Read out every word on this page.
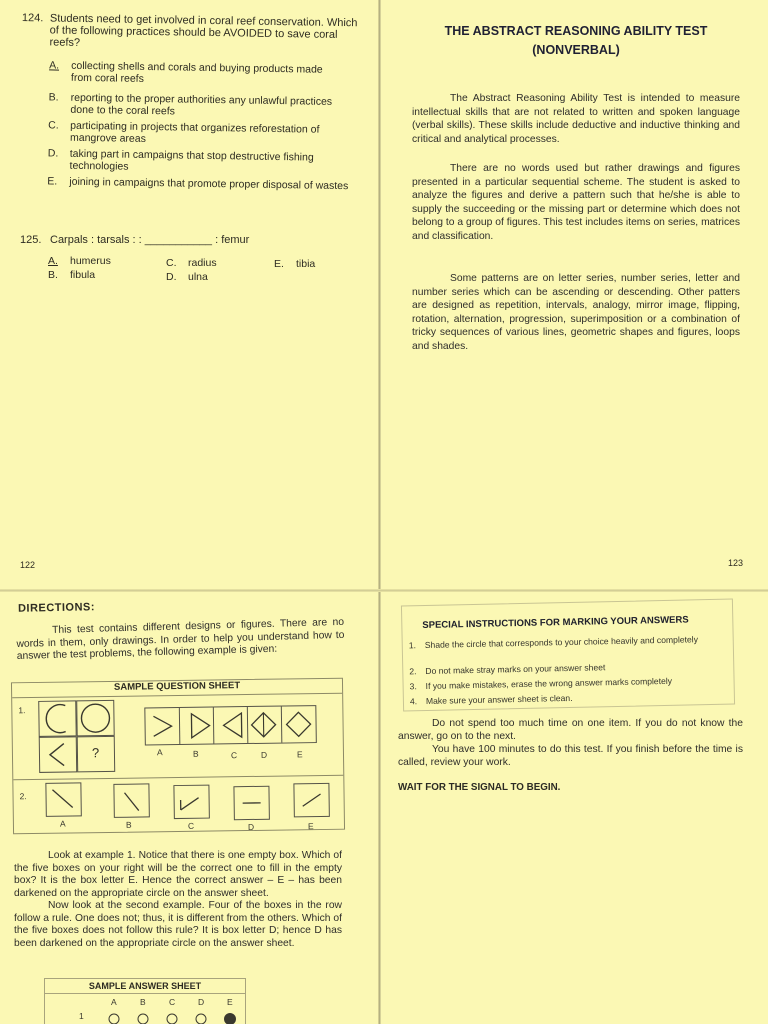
124. Students need to get involved in coral reef conservation. Which of the following practices should be AVOIDED to save coral reefs?
A. collecting shells and corals and buying products made from coral reefs
B. reporting to the proper authorities any unlawful practices done to the coral reefs
C. participating in projects that organizes reforestation of mangrove areas
D. taking part in campaigns that stop destructive fishing technologies
E. joining in campaigns that promote proper disposal of wastes
125. Carpals : tarsals : : ___________ : femur
A. humerus
B. fibula
C. radius
D. ulna
E. tibia
122
THE ABSTRACT REASONING ABILITY TEST
(NONVERBAL)

The Abstract Reasoning Ability Test is intended to measure intellectual skills that are not related to written and spoken language (verbal skills). These skills include deductive and inductive thinking and critical and analytical processes.

There are no words used but rather drawings and figures presented in a particular sequential scheme. The student is asked to analyze the figures and derive a pattern such that he/she is able to supply the succeeding or the missing part or determine which does not belong to a group of figures. This test includes items on series, matrices and classification.

Some patterns are on letter series, number series, letter and number series which can be ascending or descending. Other patters are designed as repetition, intervals, analogy, mirror image, flipping, rotation, alternation, progression, superimposition or a combination of tricky sequences of various lines, geometric shapes and figures, loops and shades.

123
DIRECTIONS:

This test contains different designs or figures. There are no words in them, only drawings. In order to help you understand how to answer the test problems, the following example is given:

SAMPLE QUESTION SHEET
1.
?	A	B	C	D	E
2.
A	B	C	D	E

Look at example 1. Notice that there is one empty box. Which of the five boxes on your right will be the correct one to fill in the empty box? It is the box letter E. Hence the correct answer – E – has been darkened on the appropriate circle on the answer sheet.

Now look at the second example. Four of the boxes in the row follow a rule. One does not; thus, it is different from the others. Which of the five boxes does not follow this rule? It is box letter D; hence D has been darkened on the appropriate circle on the answer sheet.

SAMPLE ANSWER SHEET
A	B	C	D	E
1
SPECIAL INSTRUCTIONS FOR MARKING YOUR ANSWERS
1. Shade the circle that corresponds to your choice heavily and completely
2. Do not make stray marks on your answer sheet
3. If you make mistakes, erase the wrong answer marks completely
4. Make sure your answer sheet is clean.

Do not spend too much time on one item. If you do not know the answer, go on to the next.

You have 100 minutes to do this test. If you finish before the time is called, review your work.

WAIT FOR THE SIGNAL TO BEGIN.
